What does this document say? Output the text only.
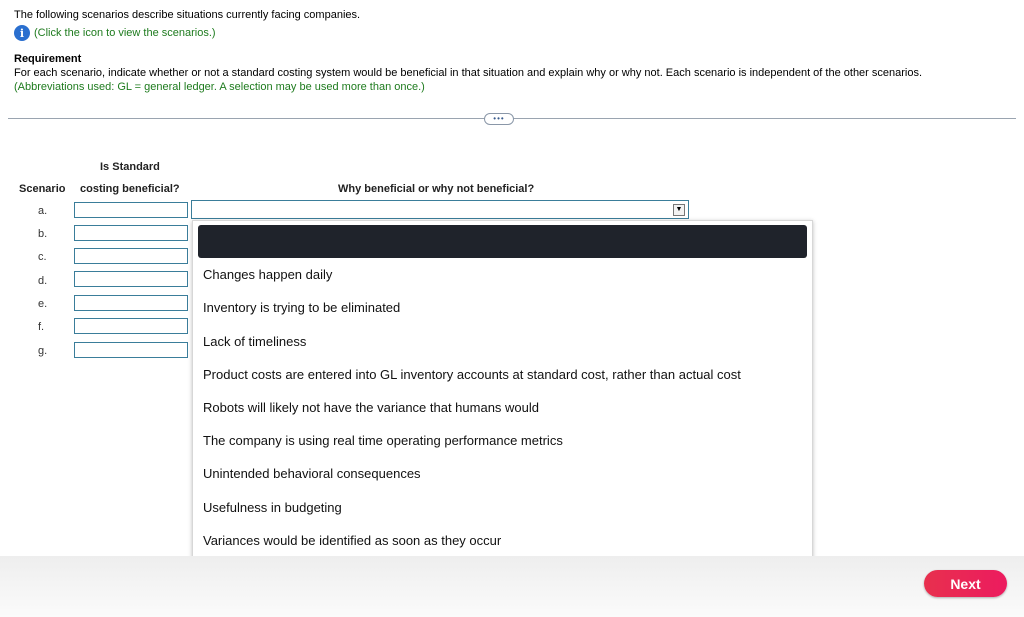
The following scenarios describe situations currently facing companies.
i (Click the icon to view the scenarios.)
Requirement
For each scenario, indicate whether or not a standard costing system would be beneficial in that situation and explain why or why not. Each scenario is independent of the other scenarios.
(Abbreviations used: GL = general ledger. A selection may be used more than once.)
•••
Is Standard
Scenario costing beneficial?	Why beneficial or why not beneficial?
a.
b.
c.
d.
e.
f.
g.
▼
Changes happen daily
Inventory is trying to be eliminated
Lack of timeliness
Product costs are entered into GL inventory accounts at standard cost, rather than actual cost
Robots will likely not have the variance that humans would
The company is using real time operating performance metrics
Unintended behavioral consequences
Usefulness in budgeting
Variances would be identified as soon as they occur
Next
